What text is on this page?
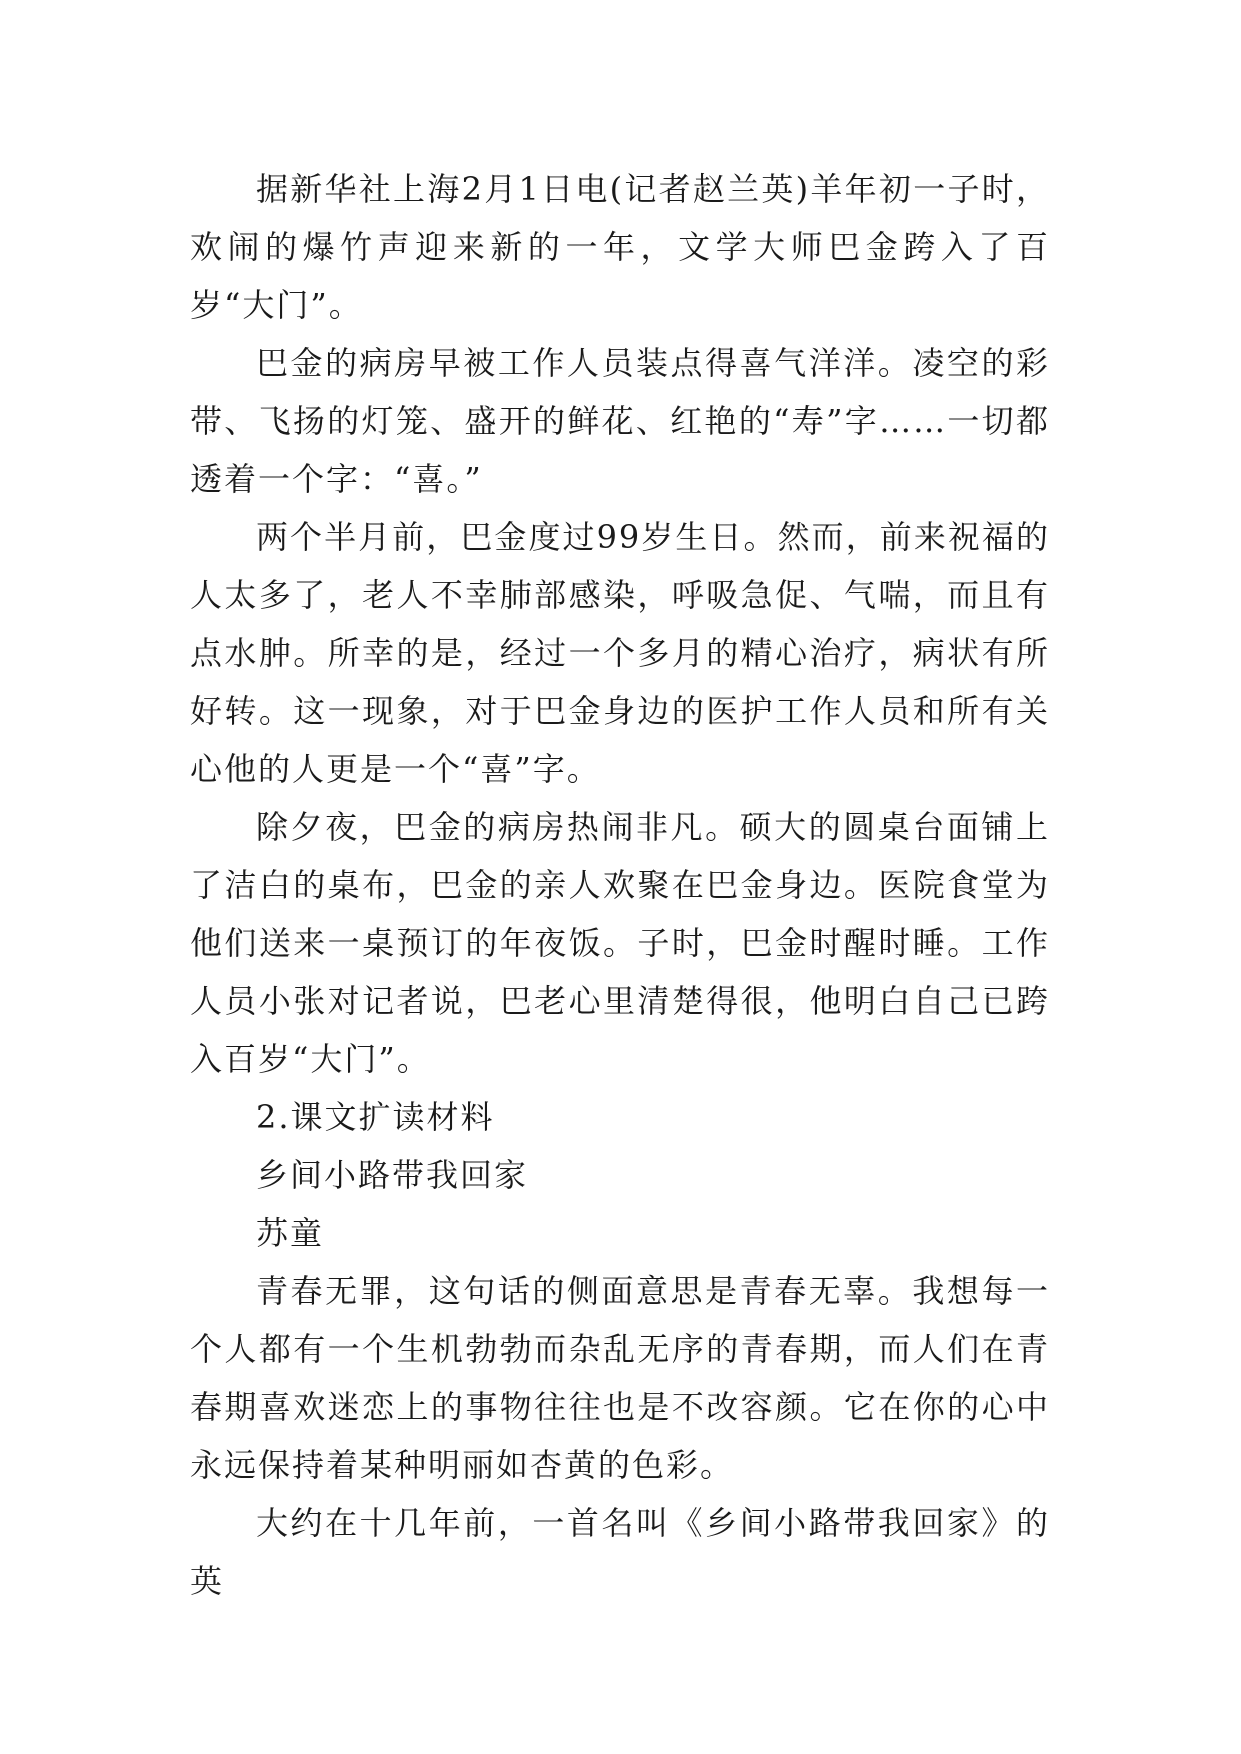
据新华社上海2月1日电(记者赵兰英)羊年初一子时，欢闹的爆竹声迎来新的一年，文学大师巴金跨入了百岁“大门”。

巴金的病房早被工作人员装点得喜气洋洋。凌空的彩带、飞扬的灯笼、盛开的鲜花、红艳的“寿”字……一切都透着一个字：“喜。”

两个半月前，巴金度过99岁生日。然而，前来祝福的人太多了，老人不幸肺部感染，呼吸急促、气喘，而且有点水肿。所幸的是，经过一个多月的精心治疗，病状有所好转。这一现象，对于巴金身边的医护工作人员和所有关心他的人更是一个“喜”字。

除夕夜，巴金的病房热闹非凡。硕大的圆桌台面铺上了洁白的桌布，巴金的亲人欢聚在巴金身边。医院食堂为他们送来一桌预订的年夜饭。子时，巴金时醒时睡。工作人员小张对记者说，巴老心里清楚得很，他明白自己已跨入百岁“大门”。

2.课文扩读材料

乡间小路带我回家

苏童

青春无罪，这句话的侧面意思是青春无辜。我想每一个人都有一个生机勃勃而杂乱无序的青春期，而人们在青春期喜欢迷恋上的事物往往也是不改容颜。它在你的心中永远保持着某种明丽如杏黄的色彩。

大约在十几年前，一首名叫《乡间小路带我回家》的英
